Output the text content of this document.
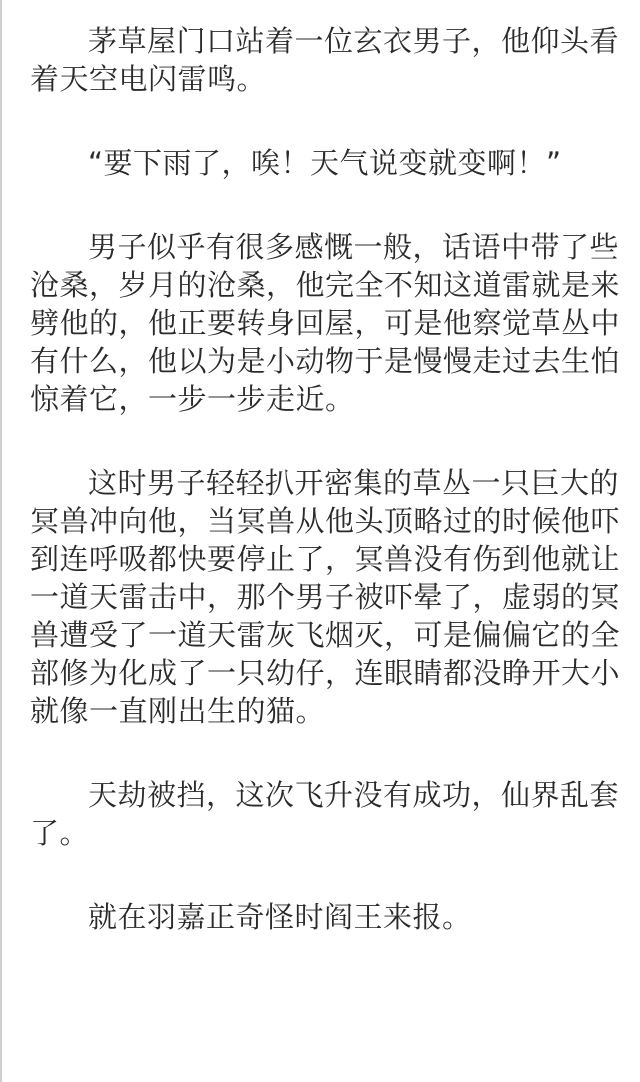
茅草屋门口站着一位玄衣男子，他仰头看着天空电闪雷鸣。

“要下雨了，唉！天气说变就变啊！”

男子似乎有很多感慨一般，话语中带了些沧桑，岁月的沧桑，他完全不知这道雷就是来劈他的，他正要转身回屋，可是他察觉草丛中有什么，他以为是小动物于是慢慢走过去生怕惊着它，一步一步走近。

这时男子轻轻扒开密集的草丛一只巨大的冥兽冲向他，当冥兽从他头顶略过的时候他吓到连呼吸都快要停止了，冥兽没有伤到他就让一道天雷击中，那个男子被吓晕了，虚弱的冥兽遭受了一道天雷灰飞烟灭，可是偏偏它的全部修为化成了一只幼仔，连眼睛都没睁开大小就像一直刚出生的猫。

天劫被挡，这次飞升没有成功，仙界乱套了。

就在羽嘉正奇怪时阎王来报。
